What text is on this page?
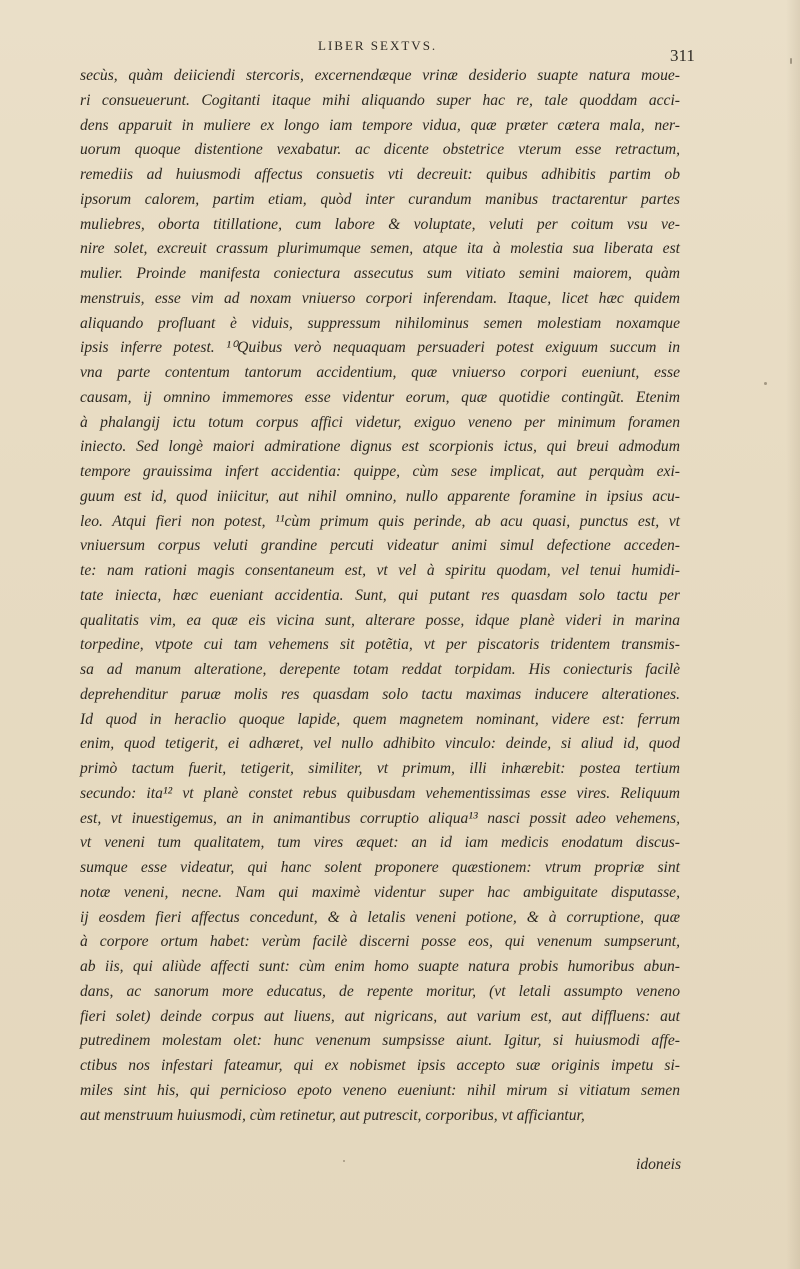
LIBER SEXTVS.
311
secùs, quàm deiiciendi stercoris, excernendæque vrinæ desiderio suapte natura moue-
ri consueuerunt. Cogitanti itaque mihi aliquando super hac re, tale quoddam acci-
dens apparuit in muliere ex longo iam tempore vidua, quæ præter cætera mala, ner-
uorum quoque distentione vexabatur. ac dicente obstetrice vterum esse retractum,
remediis ad huiusmodi affectus consuetis vti decreuit: quibus adhibitis partim ob
ipsorum calorem, partim etiam, quòd inter curandum manibus tractarentur partes
muliebres, oborta titillatione, cum labore & voluptate, veluti per coitum vsu ve-
nire solet, excreuit crassum plurimumque semen, atque ita à molestia sua liberata est
mulier. Proinde manifesta coniectura assecutus sum vitiato semini maiorem, quàm
menstruis, esse vim ad noxam vniuerso corpori inferendam. Itaque, licet hæc quidem
aliquando profluant è viduis, suppressum nihilominus semen molestiam noxamque
ipsis inferre potest. ¹⁰Quibus verò nequaquam persuaderi potest exiguum succum in
vna parte contentum tantorum accidentium, quæ vniuerso corpori eueniunt, esse
causam, ij omnino immemores esse videntur eorum, quæ quotidie contingũt. Etenim
à phalangij ictu totum corpus affici videtur, exiguo veneno per minimum foramen
iniecto. Sed longè maiori admiratione dignus est scorpionis ictus, qui breui admodum
tempore grauissima infert accidentia: quippe, cùm sese implicat, aut perquàm exi-
guum est id, quod iniicitur, aut nihil omnino, nullo apparente foramine in ipsius acu-
leo. Atqui fieri non potest, ¹¹cùm primum quis perinde, ab acu quasi, punctus est, vt
vniuersum corpus veluti grandine percuti videatur animi simul defectione acceden-
te: nam rationi magis consentaneum est, vt vel à spiritu quodam, vel tenui humidi-
tate iniecta, hæc eueniant accidentia. Sunt, qui putant res quasdam solo tactu per
qualitatis vim, ea quæ eis vicina sunt, alterare posse, idque planè videri in marina
torpedine, vtpote cui tam vehemens sit potẽtia, vt per piscatoris tridentem transmis-
sa ad manum alteratione, derepente totam reddat torpidam. His coniecturis facilè
deprehenditur paruæ molis res quasdam solo tactu maximas inducere alterationes.
Id quod in heraclio quoque lapide, quem magnetem nominant, videre est: ferrum
enim, quod tetigerit, ei adhæret, vel nullo adhibito vinculo: deinde, si aliud id, quod
primò tactum fuerit, tetigerit, similiter, vt primum, illi inhærebit: postea tertium
secundo: ita¹² vt planè constet rebus quibusdam vehementissimas esse vires. Reliquum
est, vt inuestigemus, an in animantibus corruptio aliqua¹³ nasci possit adeo vehemens,
vt veneni tum qualitatem, tum vires æquet: an id iam medicis enodatum discus-
sumque esse videatur, qui hanc solent proponere quæstionem: vtrum propriæ sint
notæ veneni, necne. Nam qui maximè videntur super hac ambiguitate disputasse,
ij eosdem fieri affectus concedunt, & à letalis veneni potione, & à corruptione, quæ
à corpore ortum habet: verùm facilè discerni posse eos, qui venenum sumpserunt,
ab iis, qui aliùde affecti sunt: cùm enim homo suapte natura probis humoribus abun-
dans, ac sanorum more educatus, de repente moritur, (vt letali assumpto veneno
fieri solet) deinde corpus aut liuens, aut nigricans, aut varium est, aut diffluens: aut
putredinem molestam olet: hunc venenum sumpsisse aiunt. Igitur, si huiusmodi affe-
ctibus nos infestari fateamur, qui ex nobismet ipsis accepto suæ originis impetu si-
miles sint his, qui pernicioso epoto veneno eueniunt: nihil mirum si vitiatum semen
aut menstruum huiusmodi, cùm retinetur, aut putrescit, corporibus, vt afficiantur,
idoneis
